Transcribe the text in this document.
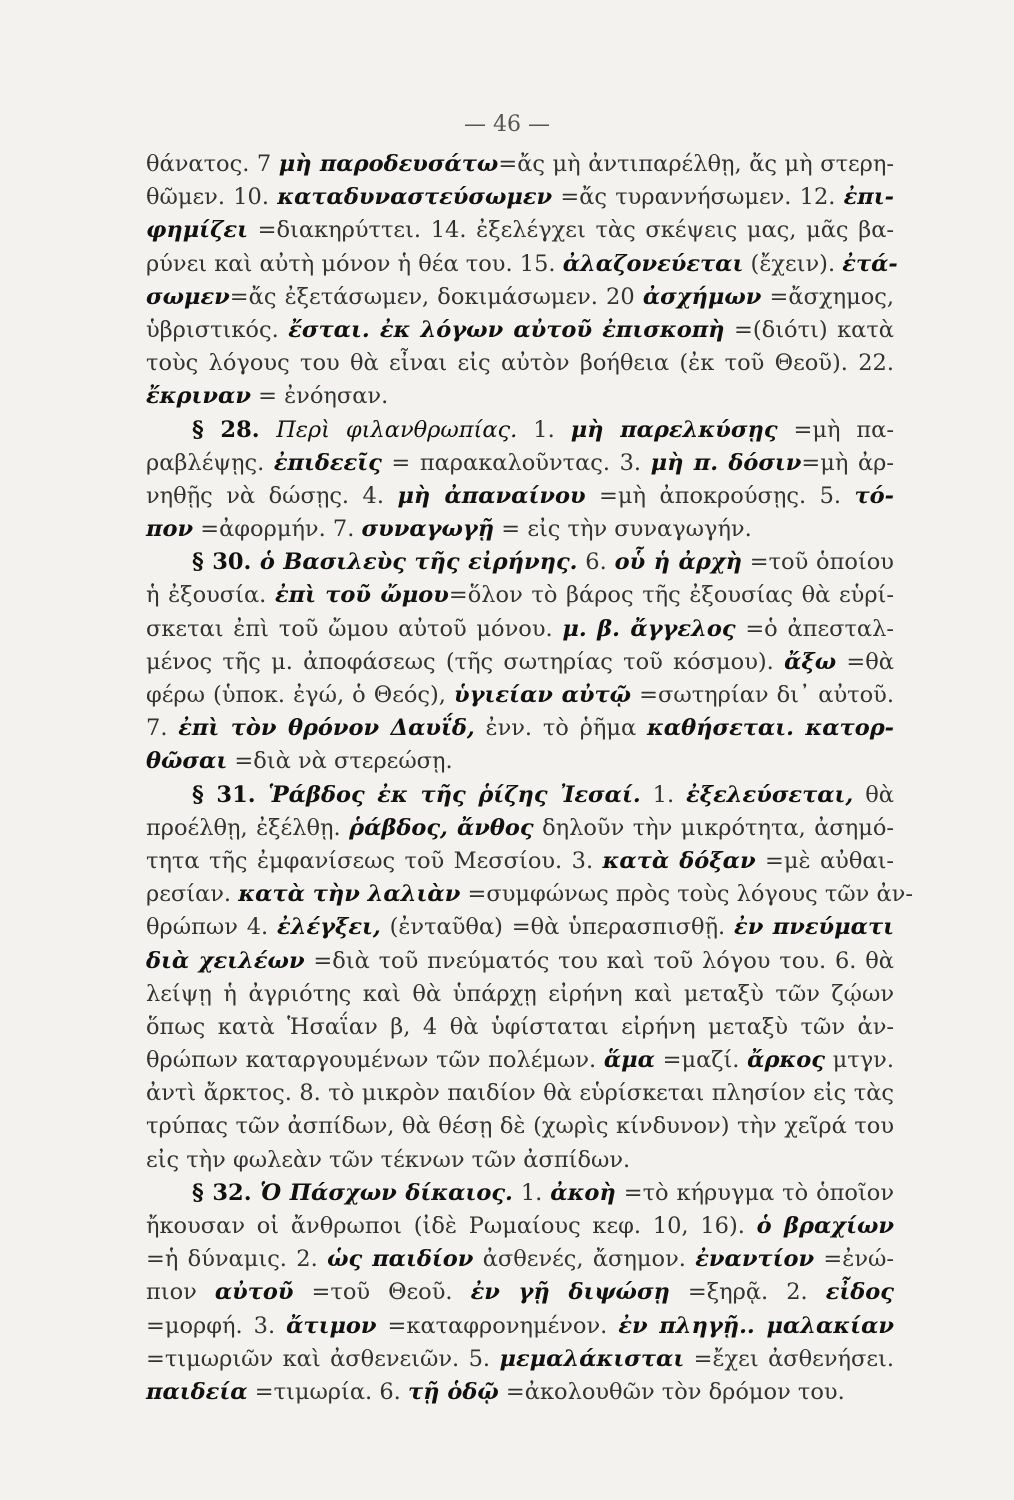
— 46 —
θάνατος. 7 μὴ παροδευσάτω=ἄς μὴ ἀντιπαρέλθῃ, ἄς μὴ στερη-
θῶμεν. 10. καταδυναστεύσωμεν =ἄς τυραννήσωμεν. 12. ἐπι-
φημίζει =διακηρύττει. 14. ἐξελέγχει τὰς σκέψεις μας, μᾶς βα-
ρύνει καὶ αὐτὴ μόνον ἡ θέα του. 15. ἀλαζονεύεται (ἔχειν). ἐτά-
σωμεν=ἄς ἐξετάσωμεν, δοκιμάσωμεν. 20 ἀσχήμων =ἄσχημος,
ὑβριστικός. ἔσται. ἐκ λόγων αὐτοῦ ἐπισκοπὴ =(διότι) κατὰ
τοὺς λόγους του θὰ εἶναι εἰς αὐτὸν βοήθεια (ἐκ τοῦ Θεοῦ). 22.
ἔκριναν = ἐνόησαν.
§ 28. Περὶ φιλανθρωπίας. 1. μὴ παρελκύσῃς =μὴ πα-
ραβλέψῃς. ἐπιδεεῖς = παρακαλοῦντας. 3. μὴ π. δόσιν=μὴ ἀρ-
νηθῇς νὰ δώσῃς. 4. μὴ ἀπαναίνου =μὴ ἀποκρούσῃς. 5. τό-
πον =ἀφορμήν. 7. συναγωγῇ = εἰς τὴν συναγωγήν.
§ 30. ὁ Βασιλεὺς τῆς εἰρήνης. 6. οὗ ἡ ἀρχὴ =τοῦ ὁποίου
ἡ ἐξουσία. ἐπὶ τοῦ ὤμου=ὅλον τὸ βάρος τῆς ἐξουσίας θὰ εὑρί-
σκεται ἐπὶ τοῦ ὤμου αὐτοῦ μόνου. μ. β. ἄγγελος =ὁ ἀπεσταλ-
μένος τῆς μ. ἀποφάσεως (τῆς σωτηρίας τοῦ κόσμου). ἄξω =θὰ
φέρω (ὑποκ. ἐγώ, ὁ Θεός), ὑγιείαν αὐτῷ =σωτηρίαν δι᾽ αὐτοῦ.
7. ἐπὶ τὸν θρόνον Δαυΐδ, ἐνν. τὸ ῥῆμα καθήσεται. κατορ-
θῶσαι =διὰ νὰ στερεώσῃ.
§ 31. Ῥάβδος ἐκ τῆς ῥίζης Ἰεσαί. 1. ἐξελεύσεται, θὰ
προέλθῃ, ἐξέλθῃ. ῥάβδος, ἄνθος δηλοῦν τὴν μικρότητα, ἀσημό-
τητα τῆς ἐμφανίσεως τοῦ Μεσσίου. 3. κατὰ δόξαν =μὲ αὐθαι-
ρεσίαν. κατὰ τὴν λαλιὰν =συμφώνως πρὸς τοὺς λόγους τῶν ἀν-
θρώπων 4. ἐλέγξει, (ἐνταῦθα) =θὰ ὑπερασπισθῇ. ἐν πνεύματι
διὰ χειλέων =διὰ τοῦ πνεύματός του καὶ τοῦ λόγου του. 6. θὰ
λείψῃ ἡ ἀγριότης καὶ θὰ ὑπάρχῃ εἰρήνη καὶ μεταξὺ τῶν ζῴων
ὅπως κατὰ Ἡσαΐαν β, 4 θὰ ὑφίσταται εἰρήνη μεταξὺ τῶν ἀν-
θρώπων καταργουμένων τῶν πολέμων. ἅμα =μαζί. ἄρκος μτγν.
ἀντὶ ἄρκτος. 8. τὸ μικρὸν παιδίον θὰ εὑρίσκεται πλησίον εἰς τὰς
τρύπας τῶν ἀσπίδων, θὰ θέσῃ δὲ (χωρὶς κίνδυνον) τὴν χεῖρά του
εἰς τὴν φωλεὰν τῶν τέκνων τῶν ἀσπίδων.
§ 32. Ὁ Πάσχων δίκαιος. 1. ἀκοὴ =τὸ κήρυγμα τὸ ὁποῖον
ἤκουσαν οἱ ἄνθρωποι (ἰδὲ Ρωμαίους κεφ. 10, 16). ὁ βραχίων
=ἡ δύναμις. 2. ὡς παιδίον ἀσθενές, ἄσημον. ἐναντίον =ἐνώ-
πιον αὐτοῦ =τοῦ Θεοῦ. ἐν γῇ διψώσῃ =ξηρᾷ. 2. εἶδος
=μορφή. 3. ἄτιμον =καταφρονημένον. ἐν πληγῇ.. μαλακίαν
=τιμωριῶν καὶ ἀσθενειῶν. 5. μεμαλάκισται =ἔχει ἀσθενήσει.
παιδεία =τιμωρία. 6. τῇ ὁδῷ =ἀκολουθῶν τὸν δρόμον του.
